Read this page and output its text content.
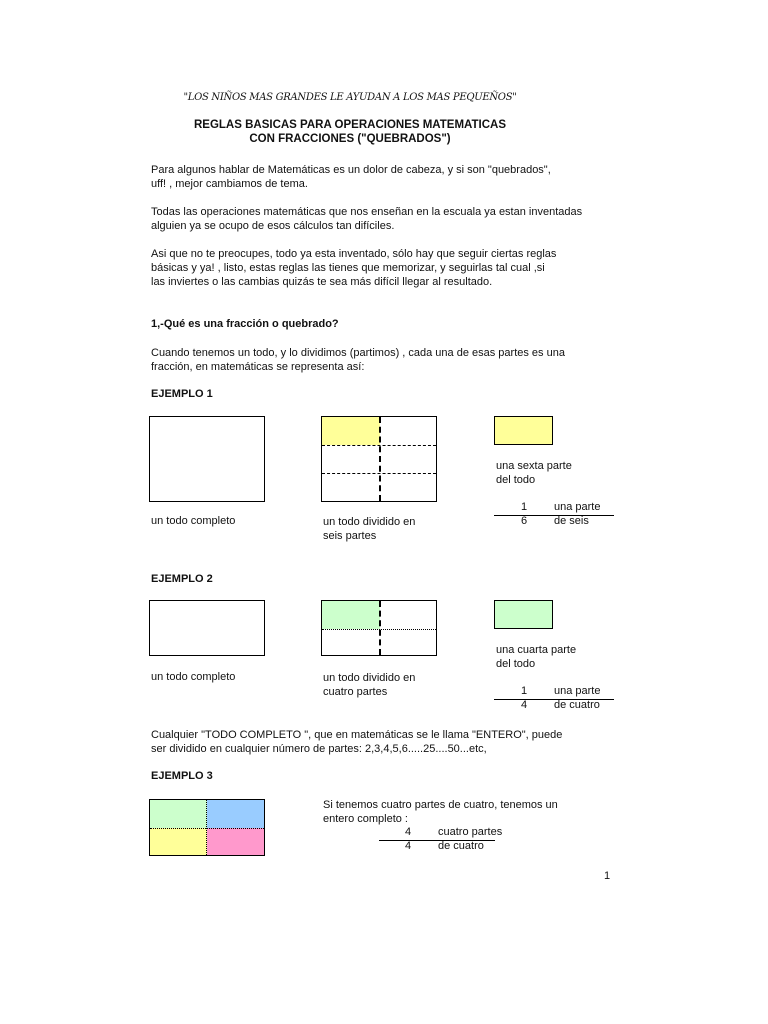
"LOS NIÑOS MAS GRANDES LE AYUDAN A LOS MAS PEQUEÑOS"
REGLAS BASICAS PARA OPERACIONES MATEMATICAS
CON FRACCIONES ("QUEBRADOS")
Para algunos hablar de Matemáticas es un dolor de cabeza, y si son "quebrados",
uff! , mejor cambiamos de tema.
Todas las operaciones matemáticas que nos enseñan en la escuala ya estan inventadas
alguien ya se ocupo de esos cálculos tan difíciles.
Asi que no te preocupes, todo ya esta inventado, sólo hay que seguir ciertas reglas
básicas y ya! , listo, estas reglas las tienes que memorizar, y seguirlas tal cual ,si
las inviertes o las cambias quizás te sea más difícil llegar al resultado.
1,-Qué es una fracción o quebrado?
Cuando tenemos un todo, y lo dividimos (partimos) , cada una de esas partes es una
fracción, en matemáticas se representa así:
EJEMPLO 1
una sexta parte
del todo
1	una parte
6	de seis
un todo completo	un todo dividido en
seis partes
EJEMPLO 2
una cuarta parte
del todo
un todo completo	un todo dividido en
cuatro partes	1	una parte
4	de cuatro
Cualquier "TODO COMPLETO ", que en matemáticas se le llama "ENTERO", puede
ser dividido en cualquier número de partes: 2,3,4,5,6.....25....50...etc,
EJEMPLO 3
Si tenemos cuatro partes de cuatro, tenemos un
entero completo :
4	cuatro partes
4	de cuatro
1
